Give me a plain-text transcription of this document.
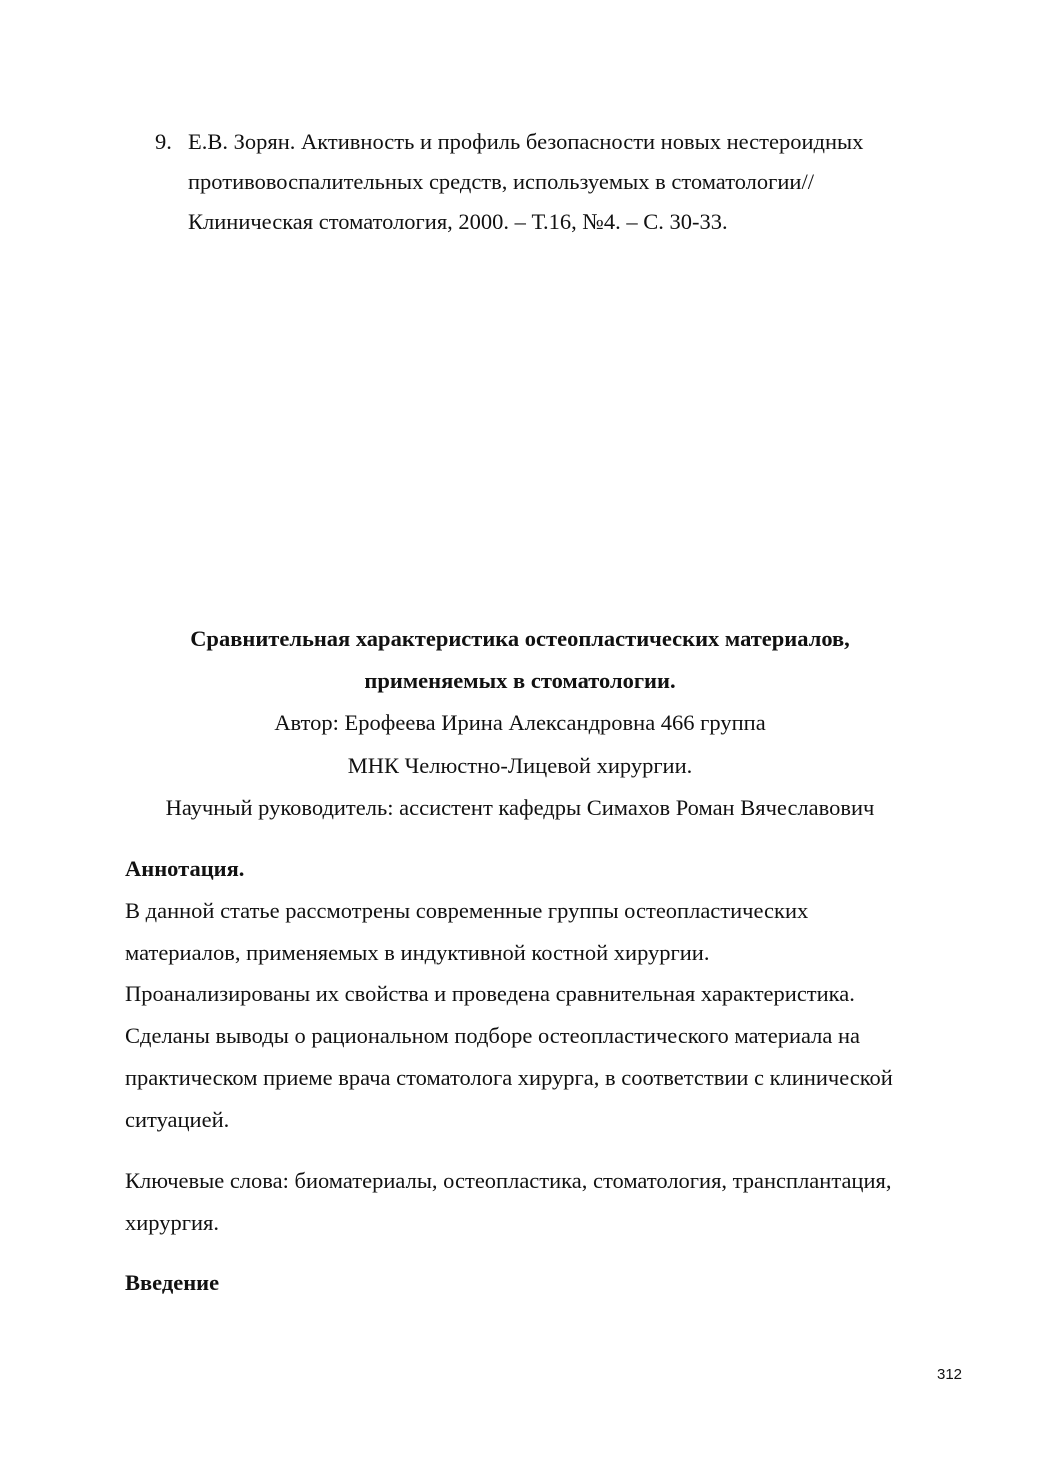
9. Е.В. Зорян. Активность и профиль безопасности новых нестероидных
противовоспалительных средств, используемых в стоматологии//
Клиническая стоматология, 2000. – Т.16, №4. – С. 30-33.
Сравнительная характеристика остеопластических материалов,
применяемых в стоматологии.
Автор: Ерофеева Ирина Александровна 466 группа
МНК Челюстно-Лицевой хирургии.
Научный руководитель: ассистент кафедры Симахов Роман Вячеславович
Аннотация.
В данной статье рассмотрены современные группы остеопластических
материалов, применяемых в индуктивной костной хирургии.
Проанализированы их свойства и проведена сравнительная характеристика.
Сделаны выводы о рациональном подборе остеопластического материала на
практическом приеме врача стоматолога хирурга, в соответствии с клинической
ситуацией.
Ключевые слова: биоматериалы, остеопластика, стоматология, трансплантация,
хирургия.
Введение
312
